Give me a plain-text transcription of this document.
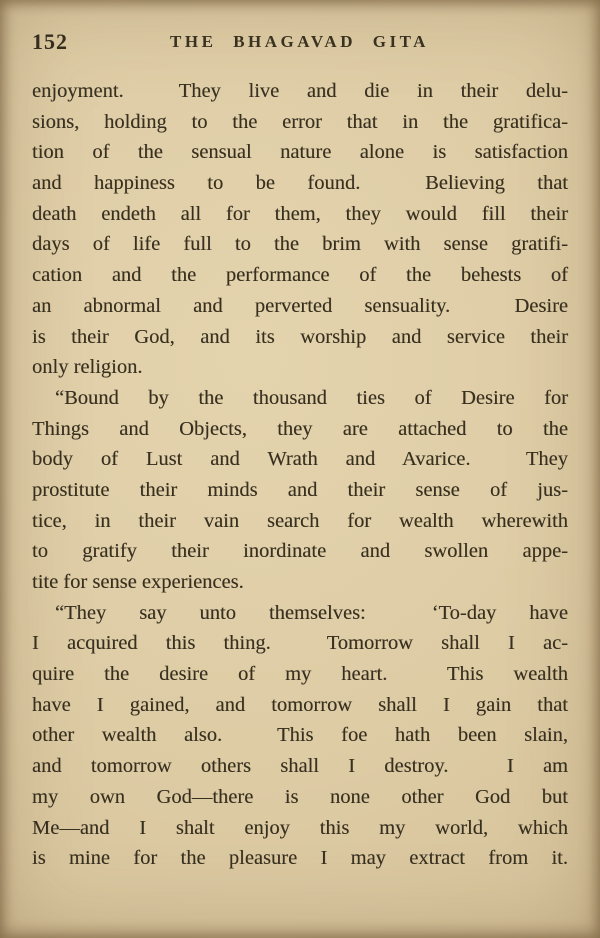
152	THE BHAGAVAD GITA
enjoyment.  They live and die in their delu-
sions, holding to the error that in the gratifica-
tion of the sensual nature alone is satisfaction
and happiness to be found.  Believing that
death endeth all for them, they would fill their
days of life full to the brim with sense gratifi-
cation and the performance of the behests of
an abnormal and perverted sensuality.  Desire
is their God, and its worship and service their
only religion.
“Bound by the thousand ties of Desire for
Things and Objects, they are attached to the
body of Lust and Wrath and Avarice.  They
prostitute their minds and their sense of jus-
tice, in their vain search for wealth wherewith
to gratify their inordinate and swollen appe-
tite for sense experiences.
“They say unto themselves:  ‘To-day have
I acquired this thing.  Tomorrow shall I ac-
quire the desire of my heart.  This wealth
have I gained, and tomorrow shall I gain that
other wealth also.  This foe hath been slain,
and tomorrow others shall I destroy.  I am
my own God—there is none other God but
Me—and I shalt enjoy this my world, which
is mine for the pleasure I may extract from it.
